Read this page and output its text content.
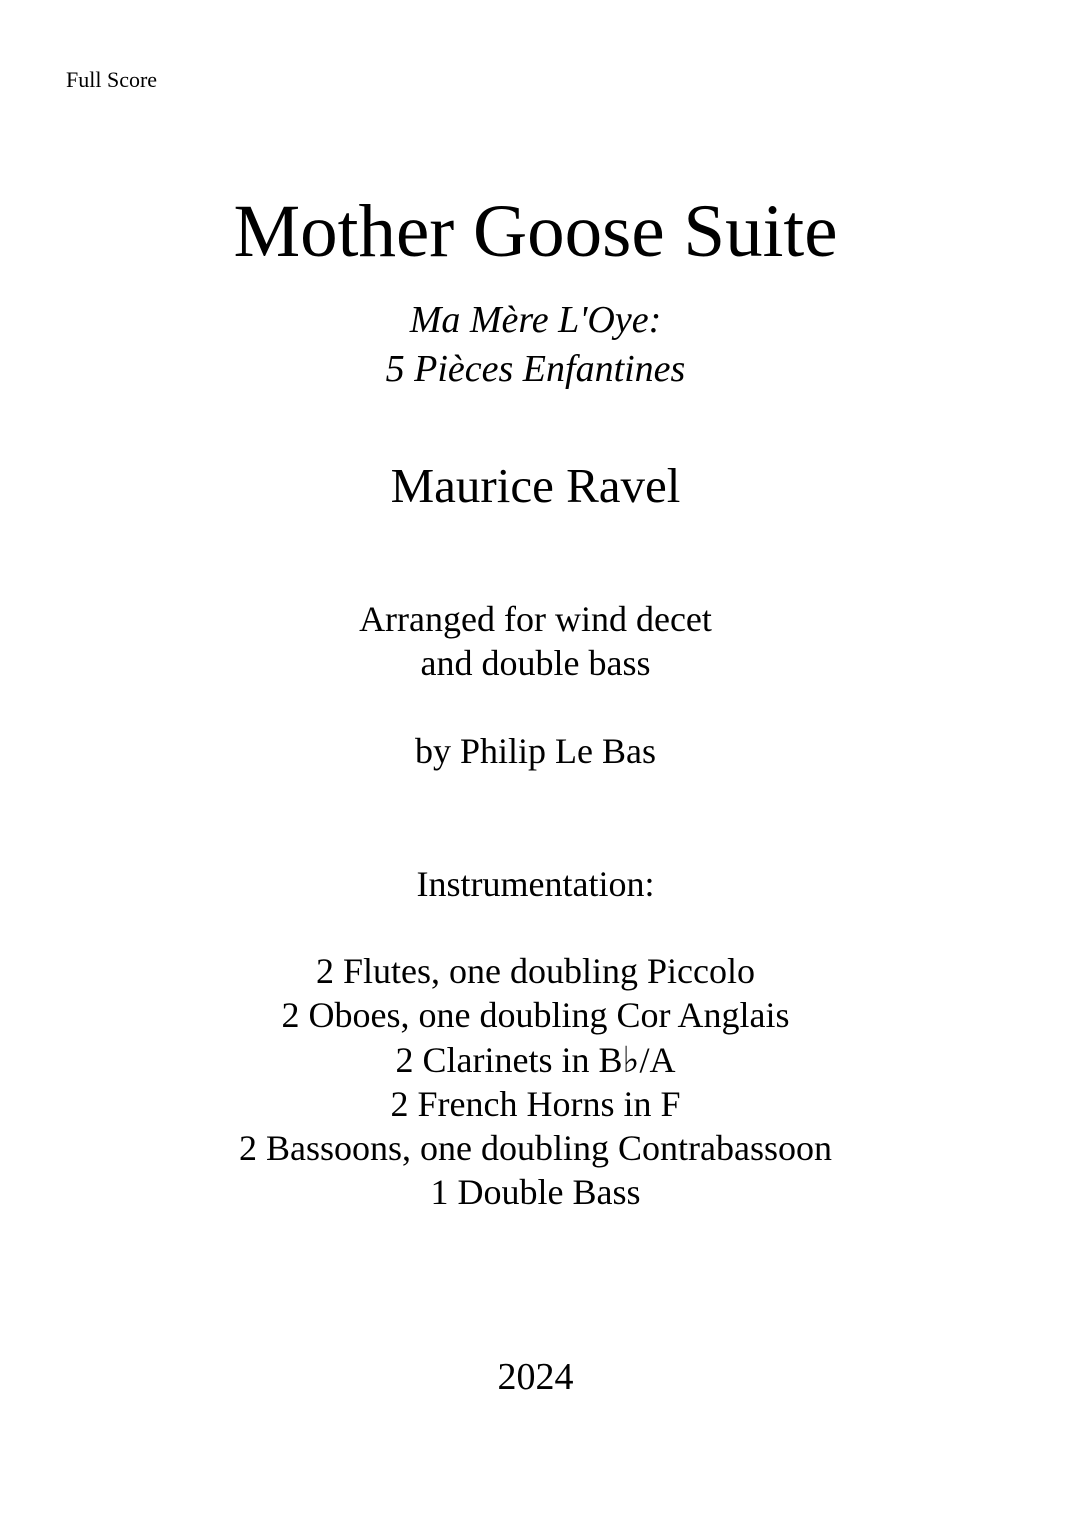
Full Score
Mother Goose Suite
Ma Mère L'Oye:
5 Pièces Enfantines
Maurice Ravel
Arranged for wind decet
and double bass
by Philip Le Bas
Instrumentation:
2 Flutes, one doubling Piccolo
2 Oboes, one doubling Cor Anglais
2 Clarinets in B♭/A
2 French Horns in F
2 Bassoons, one doubling Contrabassoon
1 Double Bass
2024
